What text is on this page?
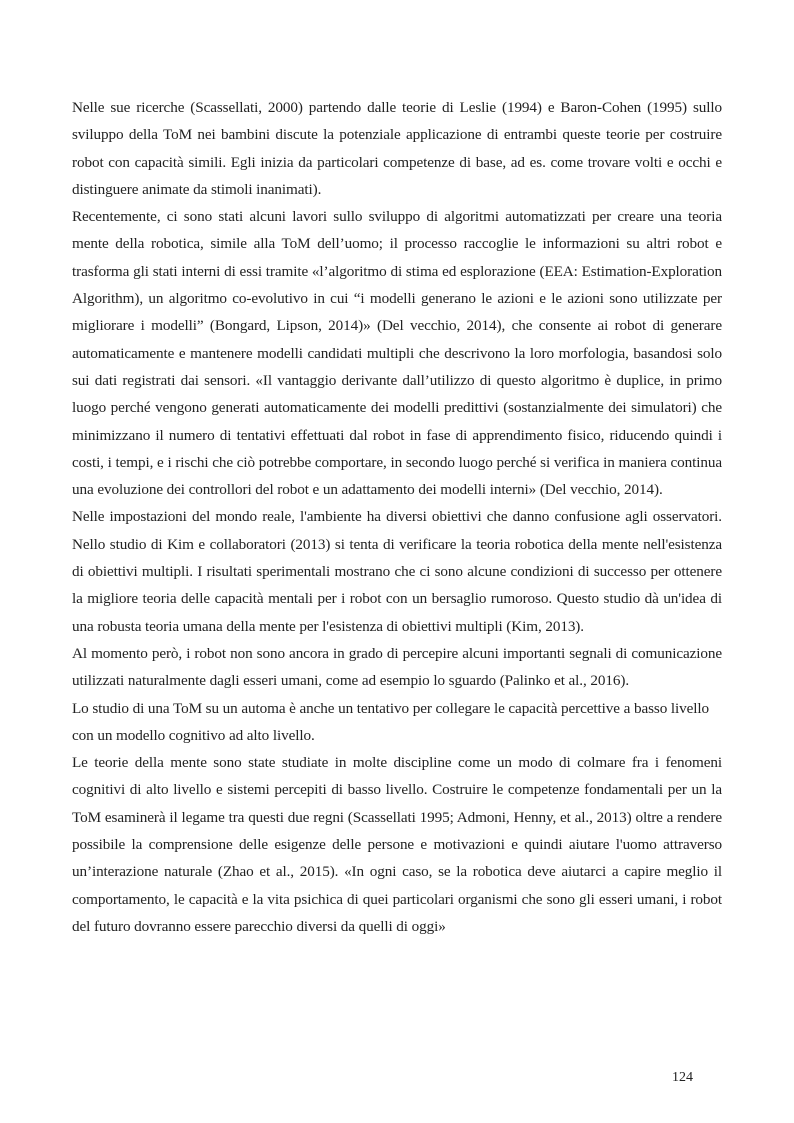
Nelle sue ricerche (Scassellati, 2000) partendo dalle teorie di Leslie (1994) e Baron-Cohen (1995) sullo sviluppo della ToM nei bambini discute la potenziale applicazione di entrambi queste teorie per costruire robot con capacità simili. Egli inizia da particolari competenze di base, ad es. come trovare volti e occhi e distinguere animate da stimoli inanimati).

Recentemente, ci sono stati alcuni lavori sullo sviluppo di algoritmi automatizzati per creare una teoria mente della robotica, simile alla ToM dell’uomo; il processo raccoglie le informazioni su altri robot e trasforma gli stati interni di essi tramite «l’algoritmo di stima ed esplorazione (EEA: Estimation-Exploration Algorithm), un algoritmo co-evolutivo in cui “i modelli generano le azioni e le azioni sono utilizzate per migliorare i modelli” (Bongard, Lipson, 2014)» (Del vecchio, 2014), che consente ai robot di generare automaticamente e mantenere modelli candidati multipli che descrivono la loro morfologia, basandosi solo sui dati registrati dai sensori. «Il vantaggio derivante dall’utilizzo di questo algoritmo è duplice, in primo luogo perché vengono generati automaticamente dei modelli predittivi (sostanzialmente dei simulatori) che minimizzano il numero di tentativi effettuati dal robot in fase di apprendimento fisico, riducendo quindi i costi, i tempi, e i rischi che ciò potrebbe comportare, in secondo luogo perché si verifica in maniera continua una evoluzione dei controllori del robot e un adattamento dei modelli interni» (Del vecchio, 2014).

Nelle impostazioni del mondo reale, l'ambiente ha diversi obiettivi che danno confusione agli osservatori. Nello studio di Kim e collaboratori (2013) si tenta di verificare la teoria robotica della mente nell'esistenza di obiettivi multipli. I risultati sperimentali mostrano che ci sono alcune condizioni di successo per ottenere la migliore teoria delle capacità mentali per i robot con un bersaglio rumoroso. Questo studio dà un'idea di una robusta teoria umana della mente per l'esistenza di obiettivi multipli (Kim, 2013).

Al momento però, i robot non sono ancora in grado di percepire alcuni importanti segnali di comunicazione utilizzati naturalmente dagli esseri umani, come ad esempio lo sguardo (Palinko et al., 2016).

Lo studio di una ToM su un automa è anche un tentativo per collegare le capacità percettive a basso livello con un modello cognitivo ad alto livello.

Le teorie della mente sono state studiate in molte discipline come un modo di colmare fra i fenomeni cognitivi di alto livello e sistemi percepiti di basso livello. Costruire le competenze fondamentali per un la ToM esaminerà il legame tra questi due regni (Scassellati 1995; Admoni, Henny, et al., 2013) oltre a rendere possibile la comprensione delle esigenze delle persone e motivazioni e quindi aiutare l'uomo attraverso un’interazione naturale (Zhao et al., 2015). «In ogni caso, se la robotica deve aiutarci a capire meglio il comportamento, le capacità e la vita psichica di quei particolari organismi che sono gli esseri umani, i robot del futuro dovranno essere parecchio diversi da quelli di oggi»

124
